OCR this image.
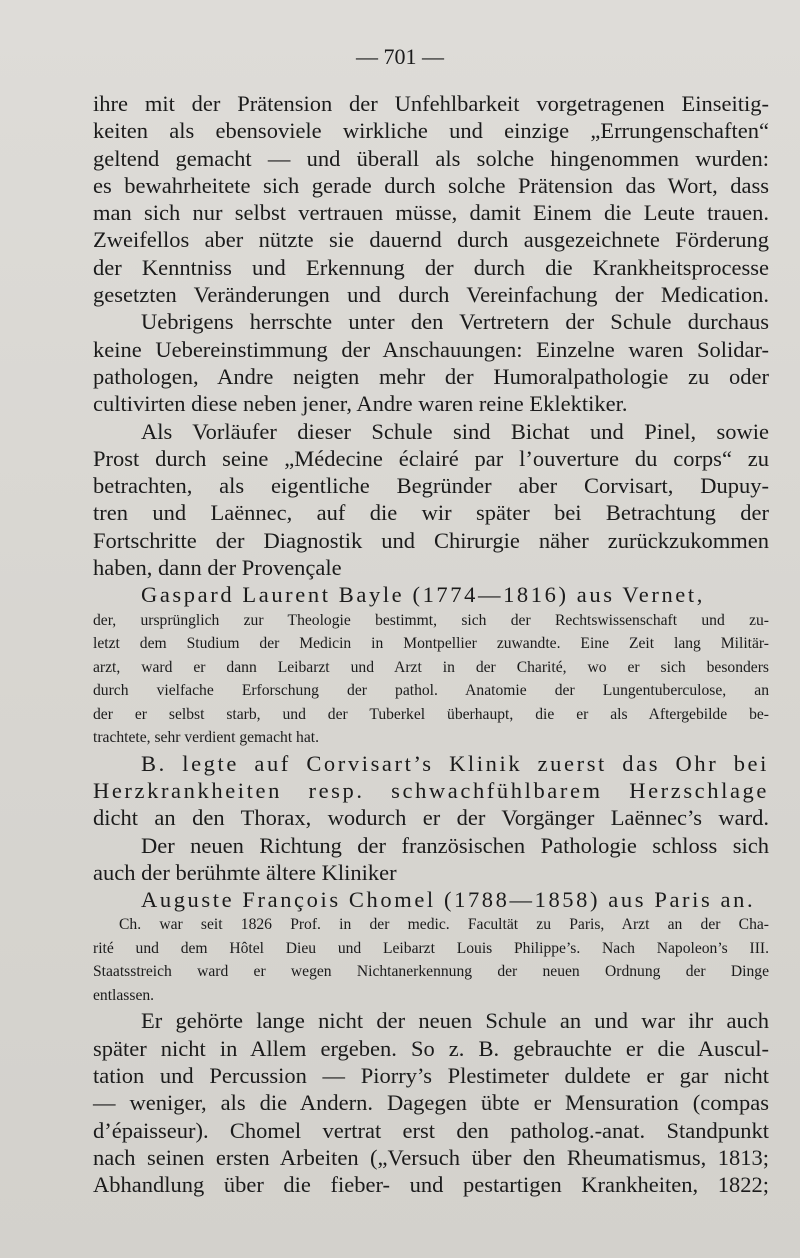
— 701 —
ihre mit der Prätension der Unfehlbarkeit vorgetragenen Einseitig-
keiten als ebensoviele wirkliche und einzige „Errungenschaften“
geltend gemacht — und überall als solche hingenommen wurden:
es bewahrheitete sich gerade durch solche Prätension das Wort, dass
man sich nur selbst vertrauen müsse, damit Einem die Leute trauen.
Zweifellos aber nützte sie dauernd durch ausgezeichnete Förderung
der Kenntniss und Erkennung der durch die Krankheitsprocesse
gesetzten Veränderungen und durch Vereinfachung der Medication.
Uebrigens herrschte unter den Vertretern der Schule durchaus
keine Uebereinstimmung der Anschauungen: Einzelne waren Solidar-
pathologen, Andre neigten mehr der Humoralpathologie zu oder
cultivirten diese neben jener, Andre waren reine Eklektiker.
Als Vorläufer dieser Schule sind Bichat und Pinel, sowie
Prost durch seine „Médecine éclairé par l’ouverture du corps“ zu
betrachten, als eigentliche Begründer aber Corvisart, Dupuy-
tren und Laënnec, auf die wir später bei Betrachtung der
Fortschritte der Diagnostik und Chirurgie näher zurückzukommen
haben, dann der Provençale
Gaspard Laurent Bayle (1774—1816) aus Vernet,
der, ursprünglich zur Theologie bestimmt, sich der Rechtswissenschaft und zu-
letzt dem Studium der Medicin in Montpellier zuwandte. Eine Zeit lang Militär-
arzt, ward er dann Leibarzt und Arzt in der Charité, wo er sich besonders
durch vielfache Erforschung der pathol. Anatomie der Lungentuberculose, an
der er selbst starb, und der Tuberkel überhaupt, die er als Aftergebilde be-
trachtete, sehr verdient gemacht hat.
B. legte auf Corvisart’s Klinik zuerst das Ohr bei
Herzkrankheiten resp. schwachfühlbarem Herzschlage
dicht an den Thorax, wodurch er der Vorgänger Laënnec’s ward.
Der neuen Richtung der französischen Pathologie schloss sich
auch der berühmte ältere Kliniker
Auguste François Chomel (1788—1858) aus Paris an.
Ch. war seit 1826 Prof. in der medic. Facultät zu Paris, Arzt an der Cha-
rité und dem Hôtel Dieu und Leibarzt Louis Philippe’s. Nach Napoleon’s III.
Staatsstreich ward er wegen Nichtanerkennung der neuen Ordnung der Dinge
entlassen.
Er gehörte lange nicht der neuen Schule an und war ihr auch
später nicht in Allem ergeben. So z. B. gebrauchte er die Auscul-
tation und Percussion — Piorry’s Plestimeter duldete er gar nicht
— weniger, als die Andern. Dagegen übte er Mensuration (compas
d’épaisseur). Chomel vertrat erst den patholog.-anat. Standpunkt
nach seinen ersten Arbeiten („Versuch über den Rheumatismus, 1813;
Abhandlung über die fieber- und pestartigen Krankheiten, 1822;
